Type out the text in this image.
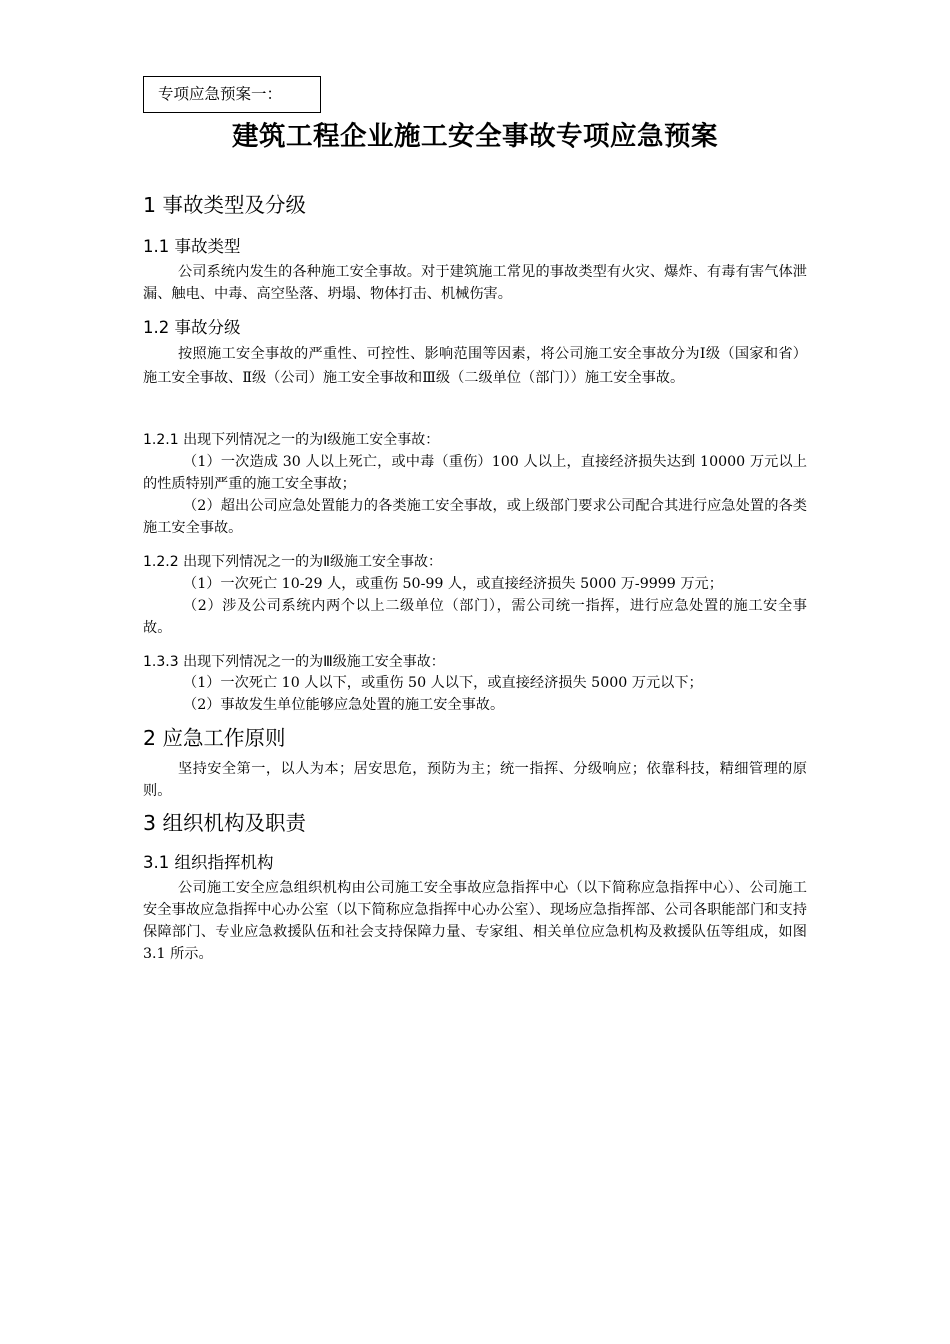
专项应急预案一：
建筑工程企业施工安全事故专项应急预案
1 事故类型及分级
1.1 事故类型
公司系统内发生的各种施工安全事故。对于建筑施工常见的事故类型有火灾、爆炸、有毒有害气体泄漏、触电、中毒、高空坠落、坍塌、物体打击、机械伤害。
1.2 事故分级
按照施工安全事故的严重性、可控性、影响范围等因素，将公司施工安全事故分为Ⅰ级（国家和省）施工安全事故、Ⅱ级（公司）施工安全事故和Ⅲ级（二级单位（部门））施工安全事故。
1.2.1 出现下列情况之一的为Ⅰ级施工安全事故：
（1）一次造成 30 人以上死亡，或中毒（重伤）100 人以上，直接经济损失达到 10000 万元以上的性质特别严重的施工安全事故；
（2）超出公司应急处置能力的各类施工安全事故，或上级部门要求公司配合其进行应急处置的各类施工安全事故。
1.2.2 出现下列情况之一的为Ⅱ级施工安全事故：
（1）一次死亡 10-29 人，或重伤 50-99 人，或直接经济损失 5000 万-9999 万元；
（2）涉及公司系统内两个以上二级单位（部门），需公司统一指挥，进行应急处置的施工安全事故。
1.3.3 出现下列情况之一的为Ⅲ级施工安全事故：
（1）一次死亡 10 人以下，或重伤 50 人以下，或直接经济损失 5000 万元以下；
（2）事故发生单位能够应急处置的施工安全事故。
2 应急工作原则
坚持安全第一，以人为本；居安思危，预防为主；统一指挥、分级响应；依靠科技，精细管理的原则。
3 组织机构及职责
3.1 组织指挥机构
公司施工安全应急组织机构由公司施工安全事故应急指挥中心（以下简称应急指挥中心）、公司施工安全事故应急指挥中心办公室（以下简称应急指挥中心办公室）、现场应急指挥部、公司各职能部门和支持保障部门、专业应急救援队伍和社会支持保障力量、专家组、相关单位应急机构及救援队伍等组成，如图 3.1 所示。
